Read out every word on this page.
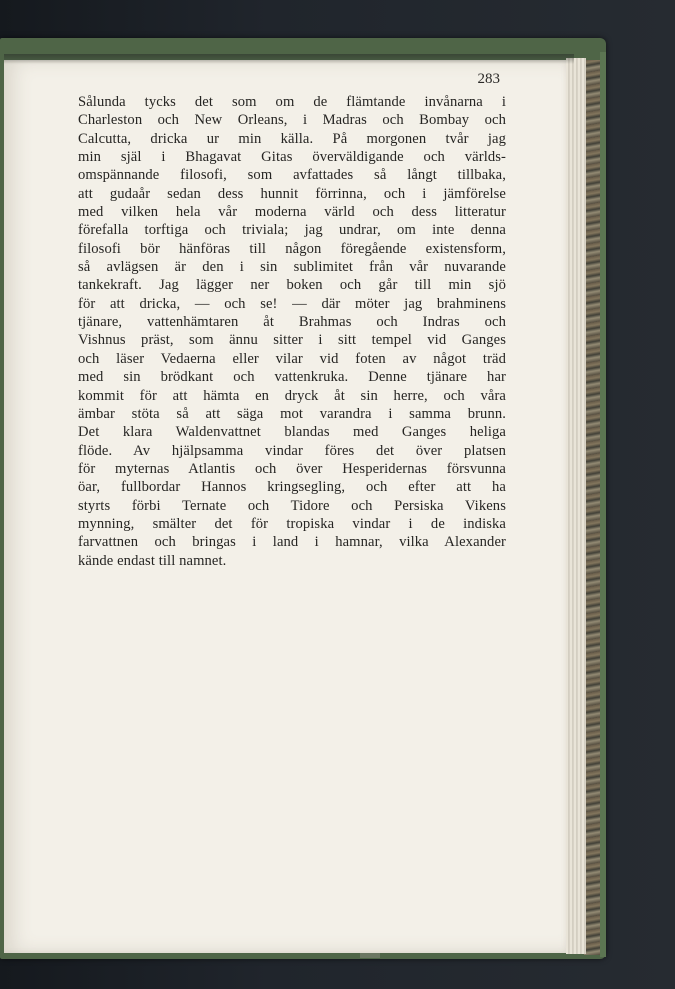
283
Sålunda tycks det som om de flämtande invånarna i
Charleston och New Orleans, i Madras och Bombay och
Calcutta, dricka ur min källa. På morgonen tvår jag
min själ i Bhagavat Gitas överväldigande och världs-
omspännande filosofi, som avfattades så långt tillbaka,
att gudaår sedan dess hunnit förrinna, och i jämförelse
med vilken hela vår moderna värld och dess litteratur
förefalla torftiga och triviala; jag undrar, om inte denna
filosofi bör hänföras till någon föregående existensform,
så avlägsen är den i sin sublimitet från vår nuvarande
tankekraft. Jag lägger ner boken och går till min sjö
för att dricka, — och se! — där möter jag brahminens
tjänare, vattenhämtaren åt Brahmas och Indras och
Vishnus präst, som ännu sitter i sitt tempel vid Ganges
och läser Vedaerna eller vilar vid foten av något träd
med sin brödkant och vattenkruka. Denne tjänare har
kommit för att hämta en dryck åt sin herre, och våra
ämbar stöta så att säga mot varandra i samma brunn.
Det klara Waldenvattnet blandas med Ganges heliga
flöde. Av hjälpsamma vindar föres det över platsen
för myternas Atlantis och över Hesperidernas försvunna
öar, fullbordar Hannos kringsegling, och efter att ha
styrts förbi Ternate och Tidore och Persiska Vikens
mynning, smälter det för tropiska vindar i de indiska
farvattnen och bringas i land i hamnar, vilka Alexander
kände endast till namnet.
